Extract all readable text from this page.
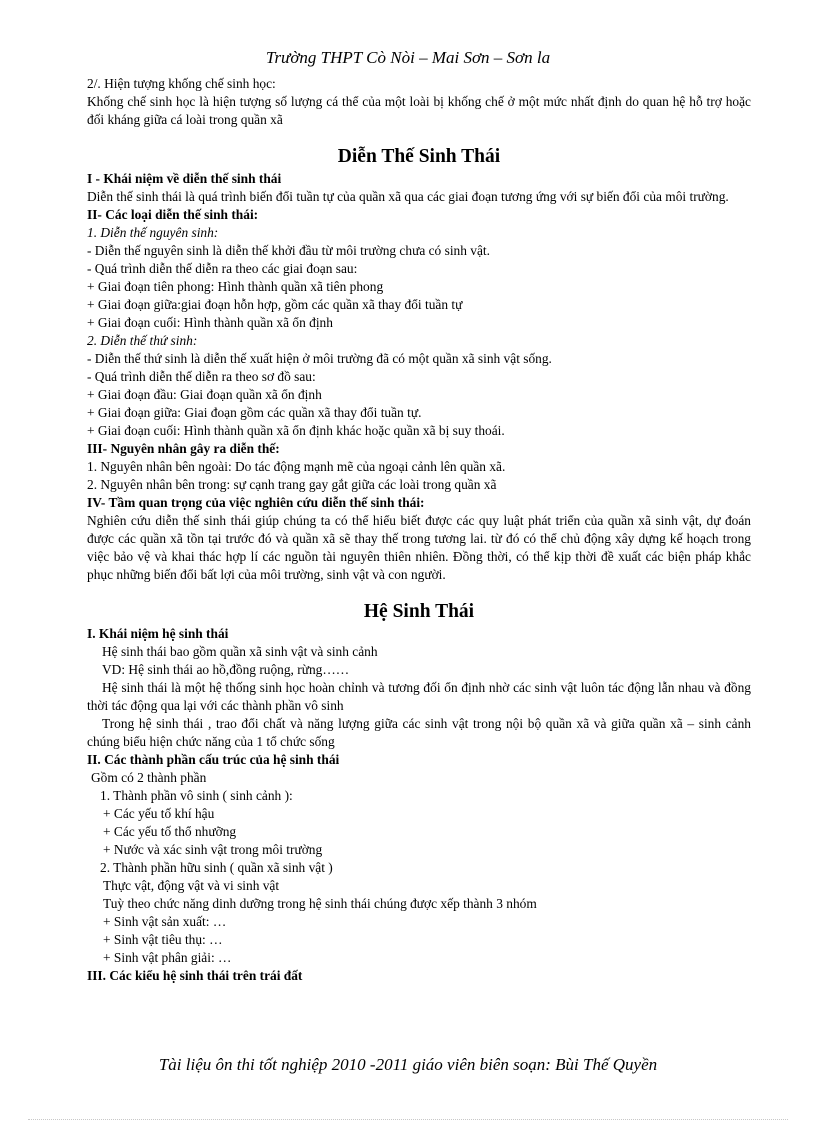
Trường THPT Cò Nòi – Mai Sơn – Sơn la

2/. Hiện tượng khống chế sinh học:

Khống chế sinh học là hiện tượng số lượng cá thể của một loài bị khống chế ở một mức nhất định do quan hệ hỗ trợ hoặc đối kháng giữa cá loài trong quần xã

Diễn Thế Sinh Thái

I - Khái niệm về diễn thế sinh thái

Diễn thế sinh thái là quá trình biến đổi tuần tự của quần xã qua các giai đoạn tương ứng với sự biến đổi của môi trường.

II- Các loại diễn thế sinh thái:

1. Diễn thế nguyên sinh:

- Diễn thế nguyên sinh là diễn thế khởi đầu từ môi trường chưa có sinh vật.

- Quá trình diễn thế diễn ra theo các giai đoạn sau:

+ Giai đoạn tiên phong: Hình thành quần xã tiên phong

+ Giai đoạn giữa:giai đoạn hỗn hợp, gồm các quần xã thay đổi tuần tự

+ Giai đoạn cuối: Hình thành quần xã ổn định

2. Diễn thế thứ sinh:

- Diễn thế thứ sinh là diễn thế xuất hiện ở môi trường đã có một quần xã sinh vật sống.

- Quá trình diễn thế diễn ra theo sơ đồ sau:

+ Giai đoạn đầu: Giai đoạn quần xã ổn định

+ Giai đoạn giữa: Giai đoạn gồm các quần xã thay đổi tuần tự.

+ Giai đoạn cuối: Hình thành quần xã ổn định khác hoặc quần xã bị suy thoái.

III- Nguyên nhân gây ra diễn thế:

1. Nguyên nhân bên ngoài: Do tác động mạnh mẽ của ngoại cảnh lên quần xã.

2. Nguyên nhân bên trong: sự cạnh trang gay gắt giữa các loài trong quần xã

IV- Tầm quan trọng của việc nghiên cứu diễn thế sinh thái:

Nghiên cứu diễn thế sinh thái giúp chúng ta có thể hiểu biết được các quy luật phát triển của quần xã sinh vật, dự đoán được các quần xã tồn tại trước đó và quần xã sẽ thay thế trong tương lai. từ đó có thể chủ động xây dựng kế hoạch trong việc bảo vệ và khai thác hợp lí các nguồn tài nguyên thiên nhiên. Đồng thời, có thể kịp thời đề xuất các biện pháp khắc phục những biến đổi bất lợi của môi trường, sinh vật và con người.

Hệ Sinh Thái

I. Khái niệm hệ sinh thái

Hệ sinh thái bao gồm quần xã sinh vật và sinh cảnh

VD: Hệ sinh thái ao hồ,đồng ruộng, rừng……

Hệ sinh thái là một hệ thống sinh học hoàn chỉnh và tương đối ổn định nhờ các sinh vật luôn tác động lẫn nhau và đồng thời tác động qua lại với các thành phần vô sinh

Trong hệ sinh thái , trao đổi chất và năng lượng giữa các sinh vật trong nội bộ quần xã và giữa quần xã – sinh cảnh chúng biểu hiện chức năng của 1 tổ chức sống

II. Các thành phần cấu trúc của hệ sinh thái

Gồm có 2 thành phần

1. Thành phần vô sinh ( sinh cảnh ):

+ Các yếu tố khí hậu

+ Các yếu tố thổ nhưỡng

+ Nước và xác sinh vật trong môi trường

2. Thành phần hữu sinh ( quần xã sinh vật )

Thực vật, động vật và vi sinh vật

Tuỳ theo chức năng dinh dưỡng trong hệ sinh thái chúng được xếp thành 3 nhóm

+ Sinh vật sản xuất: …

+ Sinh vật tiêu thụ: …

+ Sinh vật phân giải: …

III. Các kiểu hệ sinh thái trên trái đất

Tài liệu ôn thi tốt nghiệp 2010 -2011 giáo viên biên soạn: Bùi Thế Quyền
